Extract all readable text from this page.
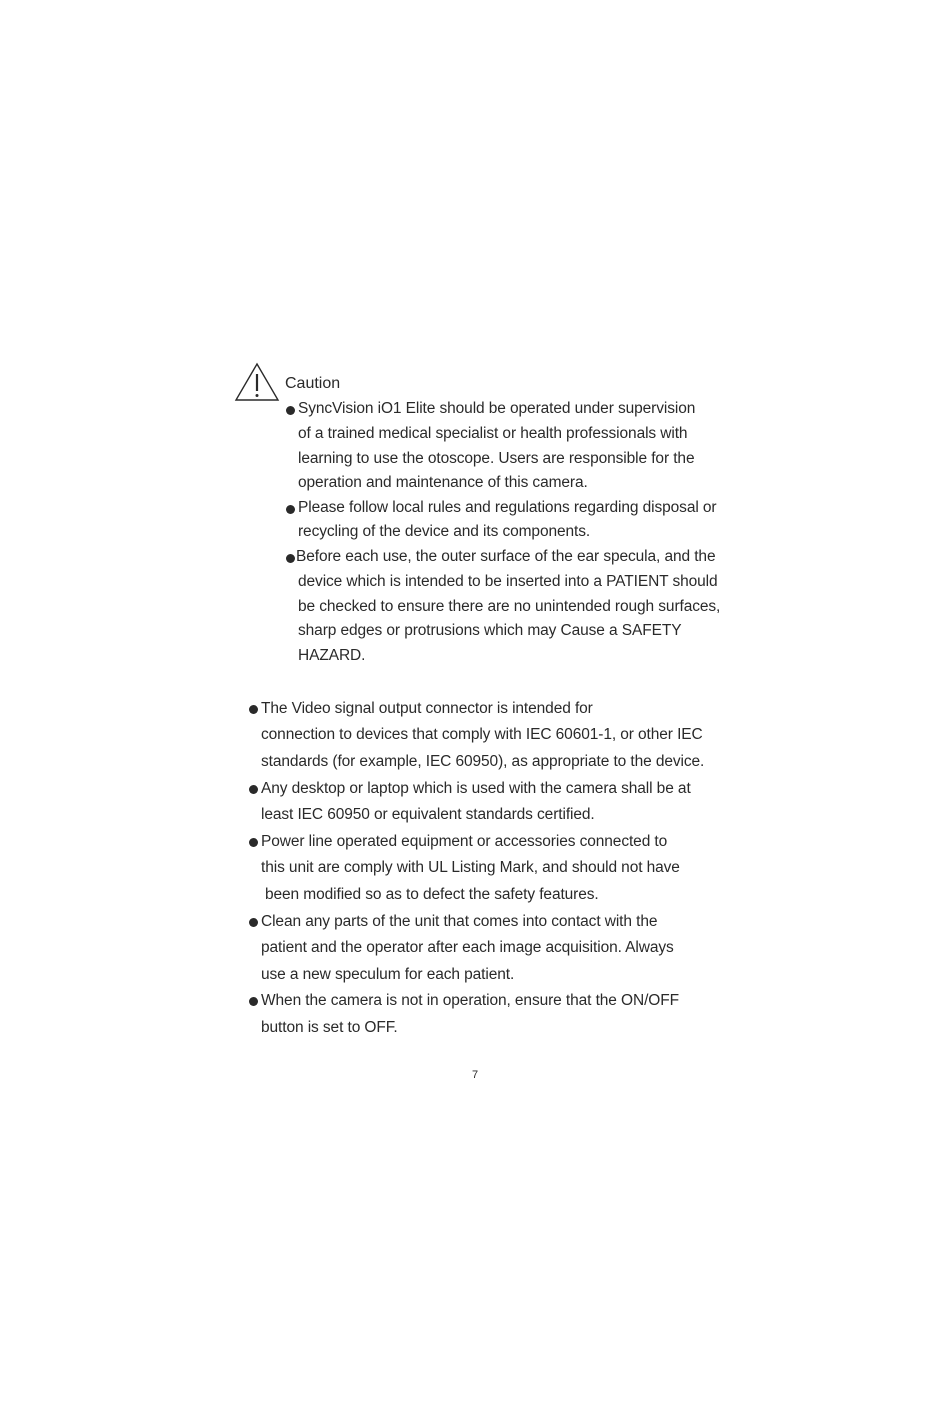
Caution
SyncVision iO1 Elite should be operated under supervision
of a trained medical specialist or health professionals with
learning to use the otoscope. Users are responsible for the
operation and maintenance of this camera.
Please follow local rules and regulations regarding disposal or
recycling of the device and its components.
Before each use, the outer surface of the ear specula, and the
device which is intended to be inserted into a PATIENT should
be checked to ensure there are no unintended rough surfaces,
sharp edges or protrusions which may Cause a SAFETY
HAZARD.
The Video signal output connector is intended for
connection to devices that comply with IEC 60601-1, or other IEC
standards (for example, IEC 60950), as appropriate to the device.
Any desktop or laptop which is used with the camera shall be at
least IEC 60950 or equivalent standards certified.
Power line operated equipment or accessories connected to
this unit are comply with UL Listing Mark, and should not have
been modified so as to defect the safety features.
Clean any parts of the unit that comes into contact with the
patient and the operator after each image acquisition. Always
use a new speculum for each patient.
When the camera is not in operation, ensure that the ON/OFF
button is set to OFF.
7
